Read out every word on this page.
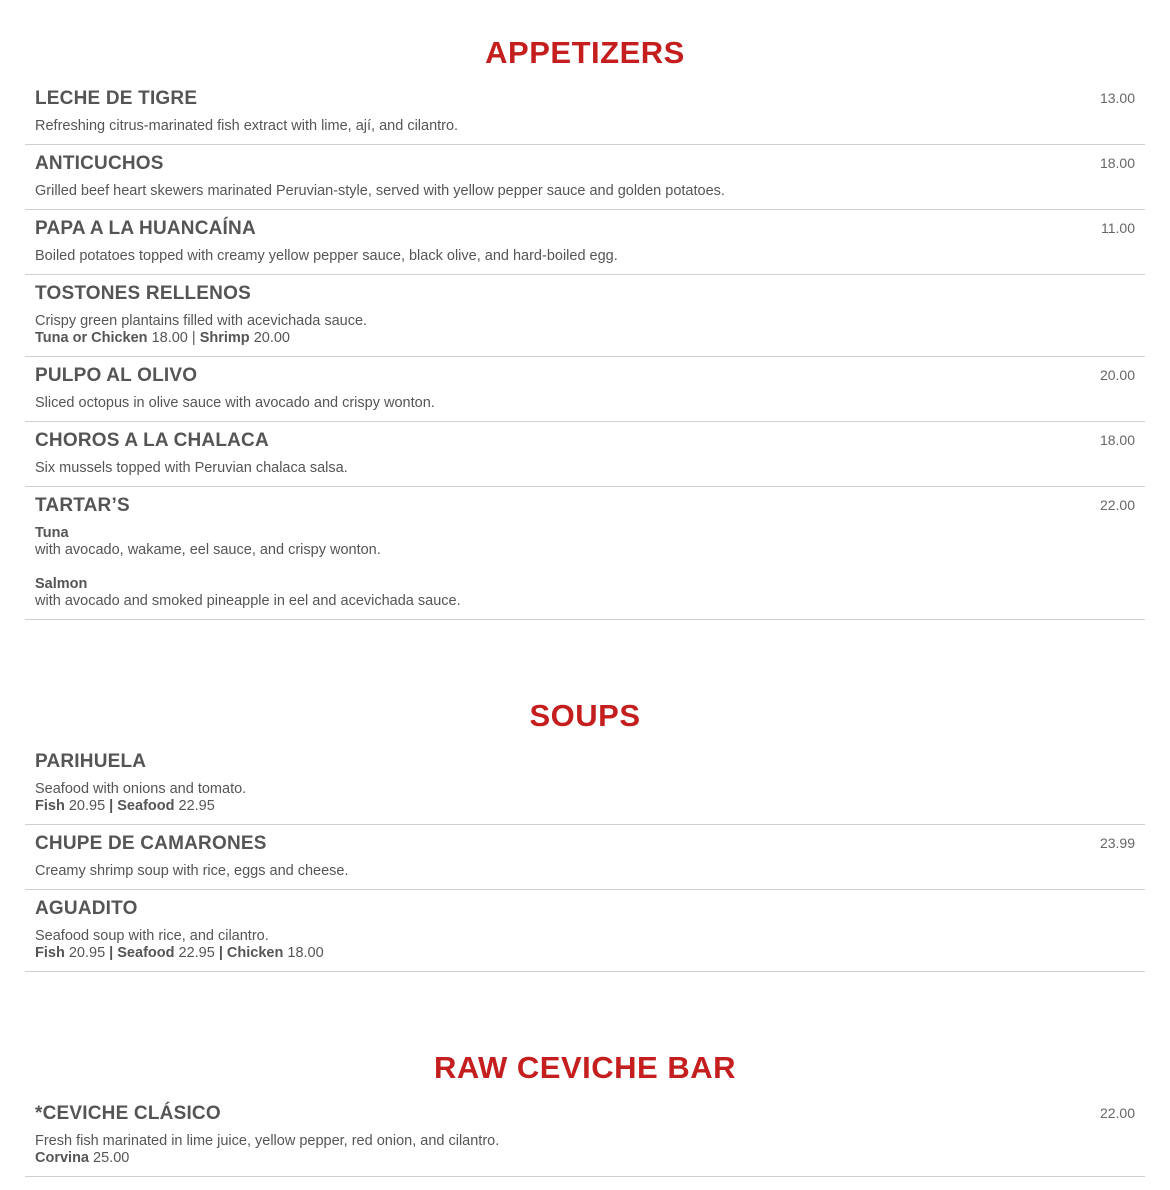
APPETIZERS
LECHE DE TIGRE	13.00
Refreshing citrus-marinated fish extract with lime, ají, and cilantro.
ANTICUCHOS	18.00
Grilled beef heart skewers marinated Peruvian-style, served with yellow pepper sauce and golden potatoes.
PAPA A LA HUANCAÍNA	11.00
Boiled potatoes topped with creamy yellow pepper sauce, black olive, and hard-boiled egg.
TOSTONES RELLENOS
Crispy green plantains filled with acevichada sauce.
Tuna or Chicken 18.00 | Shrimp 20.00
PULPO AL OLIVO	20.00
Sliced octopus in olive sauce with avocado and crispy wonton.
CHOROS A LA CHALACA	18.00
Six mussels topped with Peruvian chalaca salsa.
TARTAR’S	22.00
Tuna
with avocado, wakame, eel sauce, and crispy wonton.
Salmon
with avocado and smoked pineapple in eel and acevichada sauce.
SOUPS
PARIHUELA
Seafood with onions and tomato.
Fish 20.95 | Seafood 22.95
CHUPE DE CAMARONES	23.99
Creamy shrimp soup with rice, eggs and cheese.
AGUADITO
Seafood soup with rice, and cilantro.
Fish 20.95 | Seafood 22.95 | Chicken 18.00
RAW CEVICHE BAR
*CEVICHE CLÁSICO	22.00
Fresh fish marinated in lime juice, yellow pepper, red onion, and cilantro.
Corvina 25.00
